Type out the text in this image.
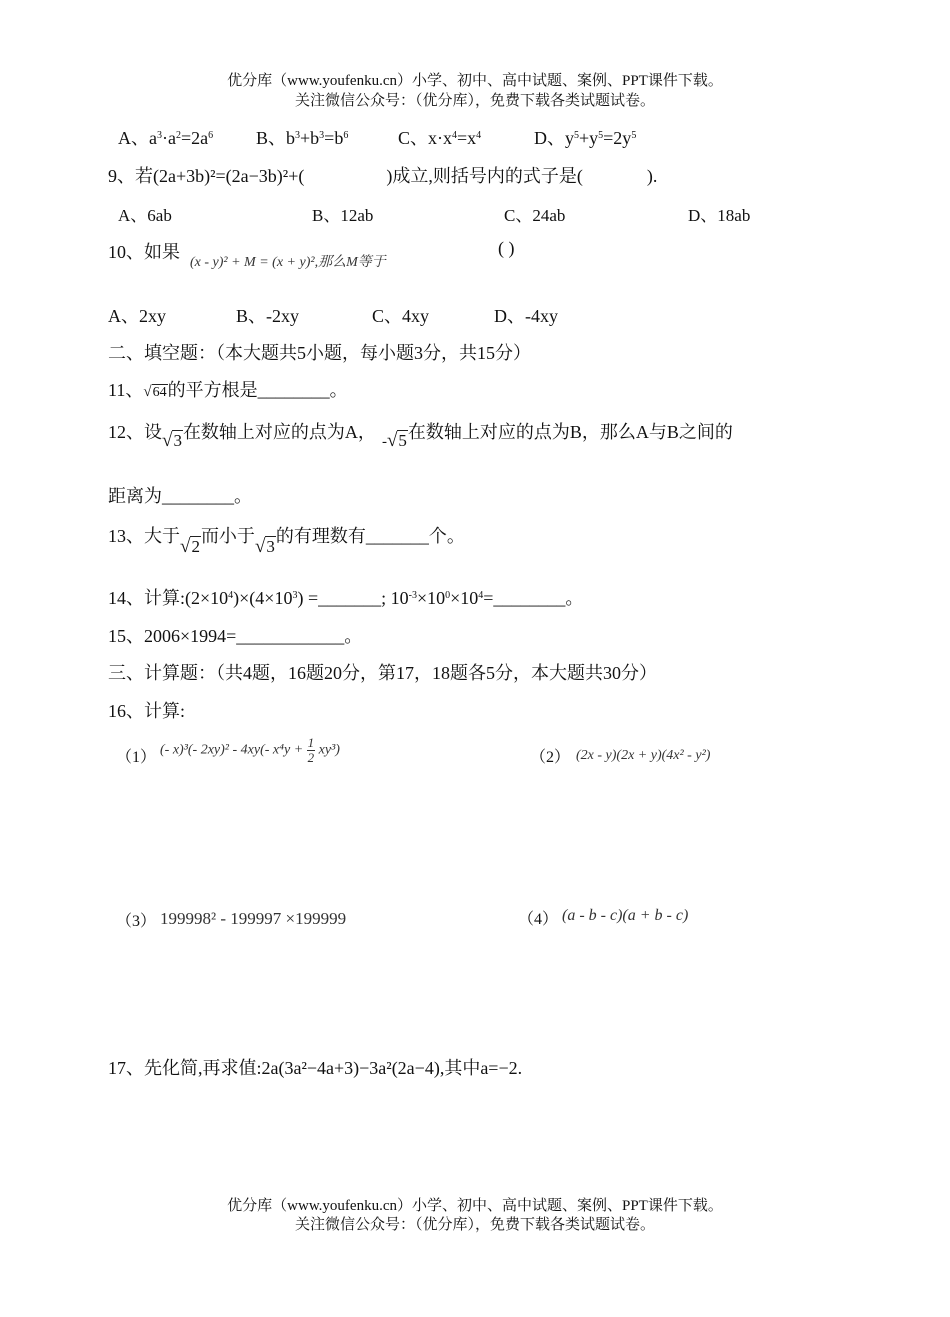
优分库（www.youfenku.cn）小学、初中、高中试题、案例、PPT课件下载。
关注微信公众号：（优分库），免费下载各类试题试卷。
A、$a^3\cdot a^2=2a^6$ B、$b^3+b^3=b^6$	C、$x\cdot x^4=x^4$	D、$y^5+y^5=2y^5$
9、若(2a+3b)²=(2a−3b)²+(	)成立,则括号内的式子是(	).
A、6ab	B、12ab	C、24ab	D、18ab
10、如果
(x - y)² + M = (x + y)²,那么M等于
( )
A、2xy	B、-2xy	C、4xy	D、-4xy
二、填空题：（本大题共5小题，每小题3分，共15分）
11、√64的平方根是________。
12、设√3在数轴上对应的点为A， $_-$√5在数轴上对应的点为B，那么A与B之间的
距离为________。
13、大于√2而小于√3的有理数有_______个。
14、计算$:(2\times 10^4)\times(4\times 10^3)$ =_______; $10^{-3}\times 10^0\times 10^4=\_\_\_\_\_\_\_\_$。
15、2006×1994=____________。
三、计算题：（共4题，16题20分，第17，18题各5分，本大题共30分）
16、计算:
（1） (- x)³(- 2xy)² - 4xy(- $x^4y + \frac{1}{2} xy^3$)	（2） (2x - y)(2x + y)(4x² - y²)
（3） 199998² - 199997 ×199999	（4） (a - b - c)(a + b - c)
17、先化简,再求值:2a(3a²−4a+3)−3a²(2a−4),其中a=−2.
优分库（www.youfenku.cn）小学、初中、高中试题、案例、PPT课件下载。
关注微信公众号：（优分库），免费下载各类试题试卷。
